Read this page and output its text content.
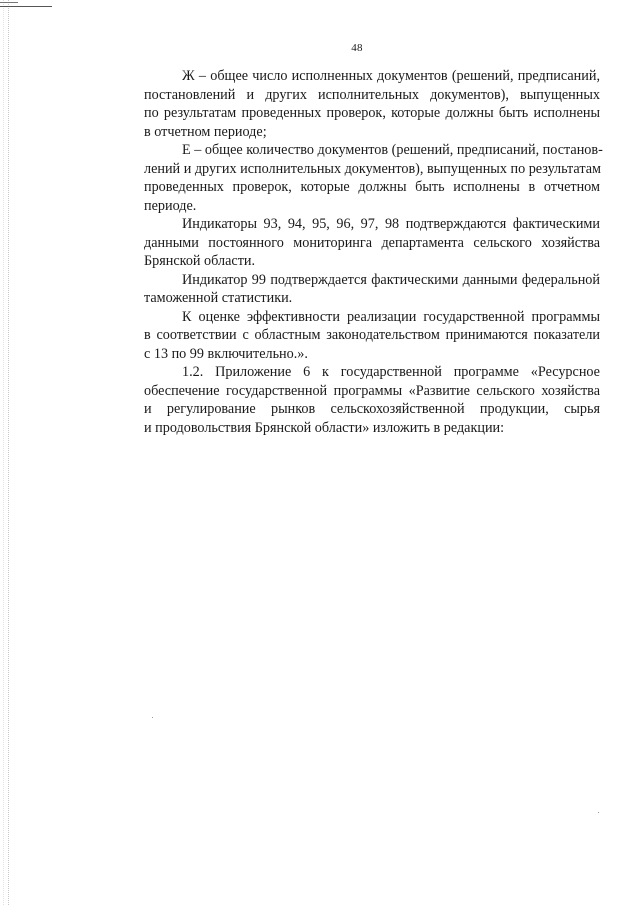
48

Ж – общее число исполненных документов (решений, предписаний,
постановлений и других исполнительных документов), выпущенных
по результатам проведенных проверок, которые должны быть исполнены
в отчетном периоде;

Е – общее количество документов (решений, предписаний, постанов-
лений и других исполнительных документов), выпущенных по результатам
проведенных проверок, которые должны быть исполнены в отчетном
периоде.

Индикаторы 93, 94, 95, 96, 97, 98 подтверждаются фактическими
данными постоянного мониторинга департамента сельского хозяйства
Брянской области.

Индикатор 99 подтверждается фактическими данными федеральной
таможенной статистики.

К оценке эффективности реализации государственной программы
в соответствии с областным законодательством принимаются показатели
с 13 по 99 включительно.».

1.2. Приложение 6 к государственной программе «Ресурсное
обеспечение государственной программы «Развитие сельского хозяйства
и регулирование рынков сельскохозяйственной продукции, сырья
и продовольствия Брянской области» изложить в редакции:
